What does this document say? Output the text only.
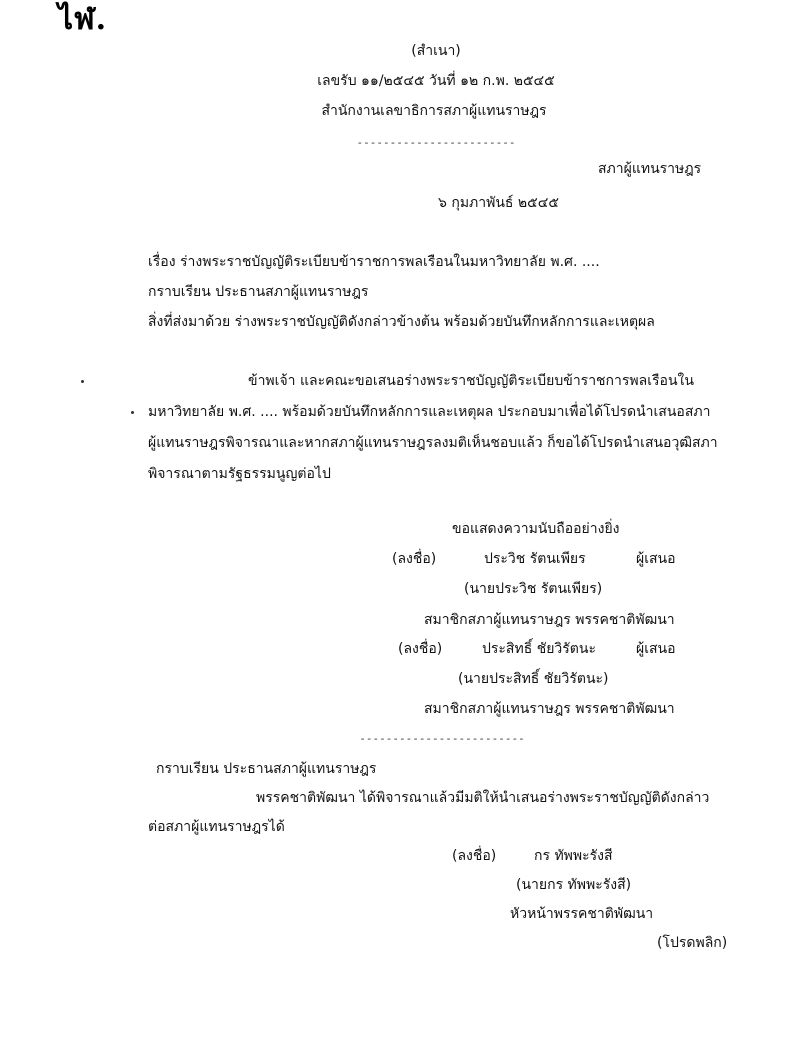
ไฬ.
(สำเนา)
เลขรับ ๑๑/๒๕๔๕ วันที่ ๑๒ ก.พ. ๒๕๔๕
สำนักงานเลขาธิการสภาผู้แทนราษฎร
------------------------
สภาผู้แทนราษฎร
๖ กุมภาพันธ์ ๒๕๔๕
เรื่อง ร่างพระราชบัญญัติระเบียบข้าราชการพลเรือนในมหาวิทยาลัย พ.ศ. ....
กราบเรียน ประธานสภาผู้แทนราษฎร
สิ่งที่ส่งมาด้วย ร่างพระราชบัญญัติดังกล่าวข้างต้น พร้อมด้วยบันทึกหลักการและเหตุผล
ข้าพเจ้า และคณะขอเสนอร่างพระราชบัญญัติระเบียบข้าราชการพลเรือนใน
มหาวิทยาลัย พ.ศ. .... พร้อมด้วยบันทึกหลักการและเหตุผล ประกอบมาเพื่อได้โปรดนำเสนอสภา
ผู้แทนราษฎรพิจารณาและหากสภาผู้แทนราษฎรลงมติเห็นชอบแล้ว ก็ขอได้โปรดนำเสนอวุฒิสภา
พิจารณาตามรัฐธรรมนูญต่อไป
ขอแสดงความนับถืออย่างยิ่ง
(ลงชื่อ)	ประวิช รัตนเพียร	ผู้เสนอ
(นายประวิช รัตนเพียร)
สมาชิกสภาผู้แทนราษฎร พรรคชาติพัฒนา
(ลงชื่อ)	ประสิทธิ์ ชัยวิรัตนะ	ผู้เสนอ
(นายประสิทธิ์ ชัยวิรัตนะ)
สมาชิกสภาผู้แทนราษฎร พรรคชาติพัฒนา
-------------------------
กราบเรียน ประธานสภาผู้แทนราษฎร
พรรคชาติพัฒนา ได้พิจารณาแล้วมีมติให้นำเสนอร่างพระราชบัญญัติดังกล่าว
ต่อสภาผู้แทนราษฎรได้
(ลงชื่อ)	กร ทัพพะรังสี
(นายกร ทัพพะรังสี)
หัวหน้าพรรคชาติพัฒนา
(โปรดพลิก)
